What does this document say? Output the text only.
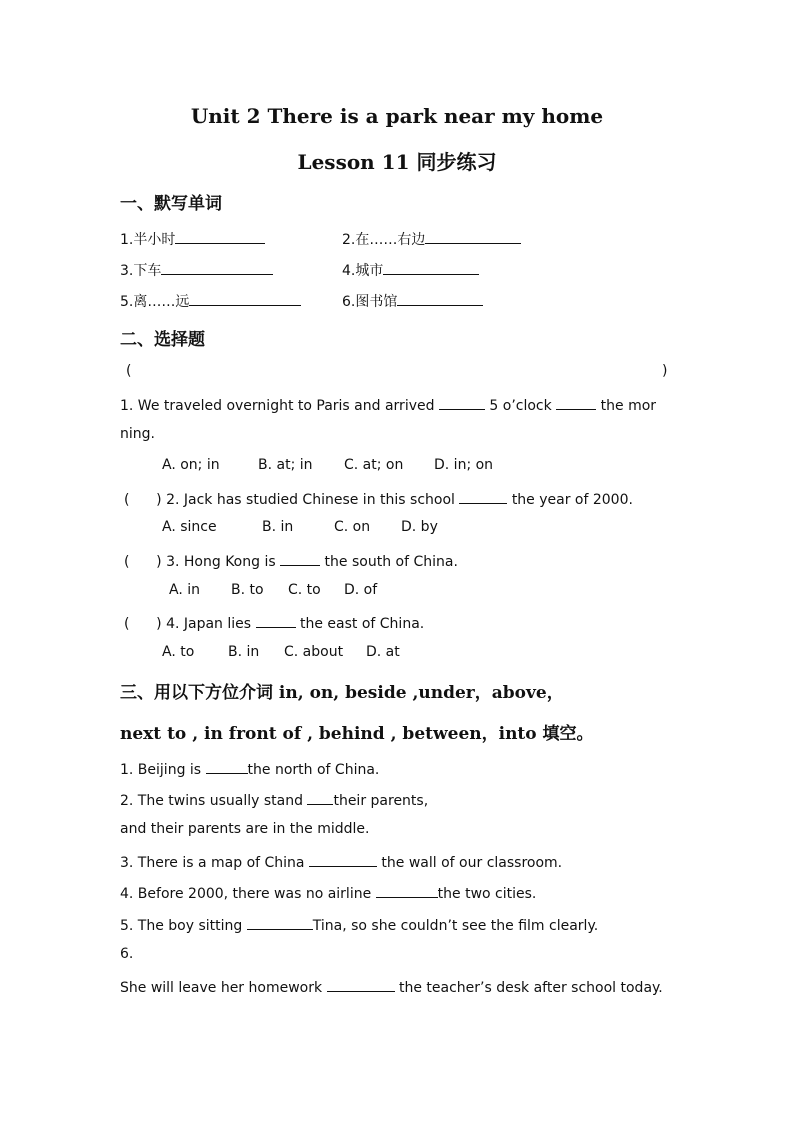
Unit 2 There is a park near my home
Lesson 11 同步练习
一、默写单词
1.半小时	2.在……右边
3.下车	4.城市
5.离……远	6.图书馆
二、选择题
(	)
1. We traveled overnight to Paris and arrived	5 o’clock	the mor
ning.
A. on; in	B. at; in C. at; on D. in; on
(      ) 2. Jack has studied Chinese in this school	the year of 2000.
A. since	B. in	C. on D. by
(      ) 3. Hong Kong is	the south of China.
A. in B. to C. to D. of
(      ) 4. Japan lies	the east of China.
A. to B. in C. about D. at
三、用以下方位介词 in, on, beside ,under，above，
next to , in front of , behind , between，into 填空。
1. Beijing is	the north of China.
2. The twins usually stand their parents,
and their parents are in the middle.
3. There is a map of China	the wall of our classroom.
4. Before 2000, there was no airline	the two cities.
5. The boy sitting	Tina, so she couldn’t see the film clearly.
6.
She will leave her homework	the teacher’s desk after school today.
